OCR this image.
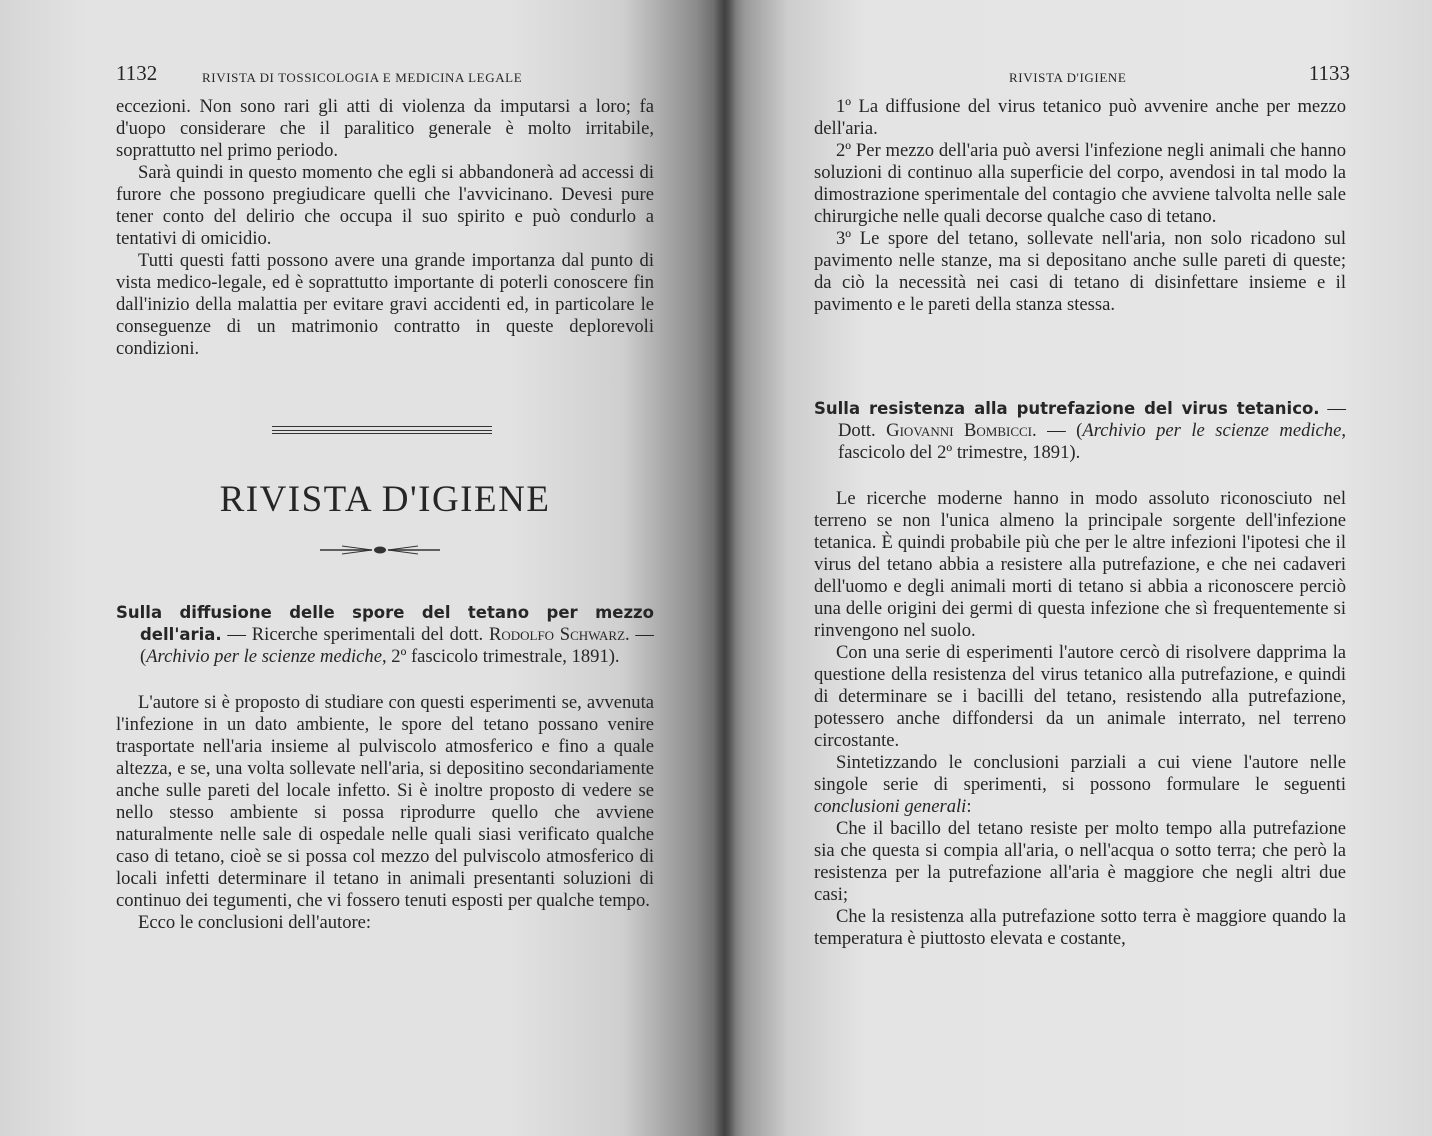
1132	RIVISTA DI TOSSICOLOGIA E MEDICINA LEGALE

eccezioni. Non sono rari gli atti di violenza da imputarsi a loro; fa d'uopo considerare che il paralitico generale è molto irritabile, soprattutto nel primo periodo.

Sarà quindi in questo momento che egli si abbandonerà ad accessi di furore che possono pregiudicare quelli che l'avvicinano. Devesi pure tener conto del delirio che occupa il suo spirito e può condurlo a tentativi di omicidio.

Tutti questi fatti possono avere una grande importanza dal punto di vista medico-legale, ed è soprattutto importante di poterli conoscere fin dall'inizio della malattia per evitare gravi accidenti ed, in particolare le conseguenze di un matrimonio contratto in queste deplorevoli condizioni.

RIVISTA D'IGIENE
Sulla diffusione delle spore del tetano per mezzo dell'aria. — Ricerche sperimentali del dott. Rodolfo Schwarz. — (Archivio per le scienze mediche, 2º fascicolo trimestrale, 1891).

L'autore si è proposto di studiare con questi esperimenti se, avvenuta l'infezione in un dato ambiente, le spore del tetano possano venire trasportate nell'aria insieme al pulviscolo atmosferico e fino a quale altezza, e se, una volta sollevate nell'aria, si depositino secondariamente anche sulle pareti del locale infetto. Si è inoltre proposto di vedere se nello stesso ambiente si possa riprodurre quello che avviene naturalmente nelle sale di ospedale nelle quali siasi verificato qualche caso di tetano, cioè se si possa col mezzo del pulviscolo atmosferico di locali infetti determinare il tetano in animali presentanti soluzioni di continuo dei tegumenti, che vi fossero tenuti esposti per qualche tempo.

Ecco le conclusioni dell'autore:

RIVISTA D'IGIENE	1133

1º La diffusione del virus tetanico può avvenire anche per mezzo dell'aria.

2º Per mezzo dell'aria può aversi l'infezione negli animali che hanno soluzioni di continuo alla superficie del corpo, avendosi in tal modo la dimostrazione sperimentale del contagio che avviene talvolta nelle sale chirurgiche nelle quali decorse qualche caso di tetano.

3º Le spore del tetano, sollevate nell'aria, non solo ricadono sul pavimento nelle stanze, ma si depositano anche sulle pareti di queste; da ciò la necessità nei casi di tetano di disinfettare insieme e il pavimento e le pareti della stanza stessa.

Sulla resistenza alla putrefazione del virus tetanico. — Dott. Giovanni Bombicci. — (Archivio per le scienze mediche, fascicolo del 2º trimestre, 1891).

Le ricerche moderne hanno in modo assoluto riconosciuto nel terreno se non l'unica almeno la principale sorgente dell'infezione tetanica. È quindi probabile più che per le altre infezioni l'ipotesi che il virus del tetano abbia a resistere alla putrefazione, e che nei cadaveri dell'uomo e degli animali morti di tetano si abbia a riconoscere perciò una delle origini dei germi di questa infezione che sì frequentemente si rinvengono nel suolo.

Con una serie di esperimenti l'autore cercò di risolvere dapprima la questione della resistenza del virus tetanico alla putrefazione, e quindi di determinare se i bacilli del tetano, resistendo alla putrefazione, potessero anche diffondersi da un animale interrato, nel terreno circostante.

Sintetizzando le conclusioni parziali a cui viene l'autore nelle singole serie di sperimenti, si possono formulare le seguenti conclusioni generali:

Che il bacillo del tetano resiste per molto tempo alla putrefazione sia che questa si compia all'aria, o nell'acqua o sotto terra; che però la resistenza per la putrefazione all'aria è maggiore che negli altri due casi;

Che la resistenza alla putrefazione sotto terra è maggiore quando la temperatura è piuttosto elevata e costante,
